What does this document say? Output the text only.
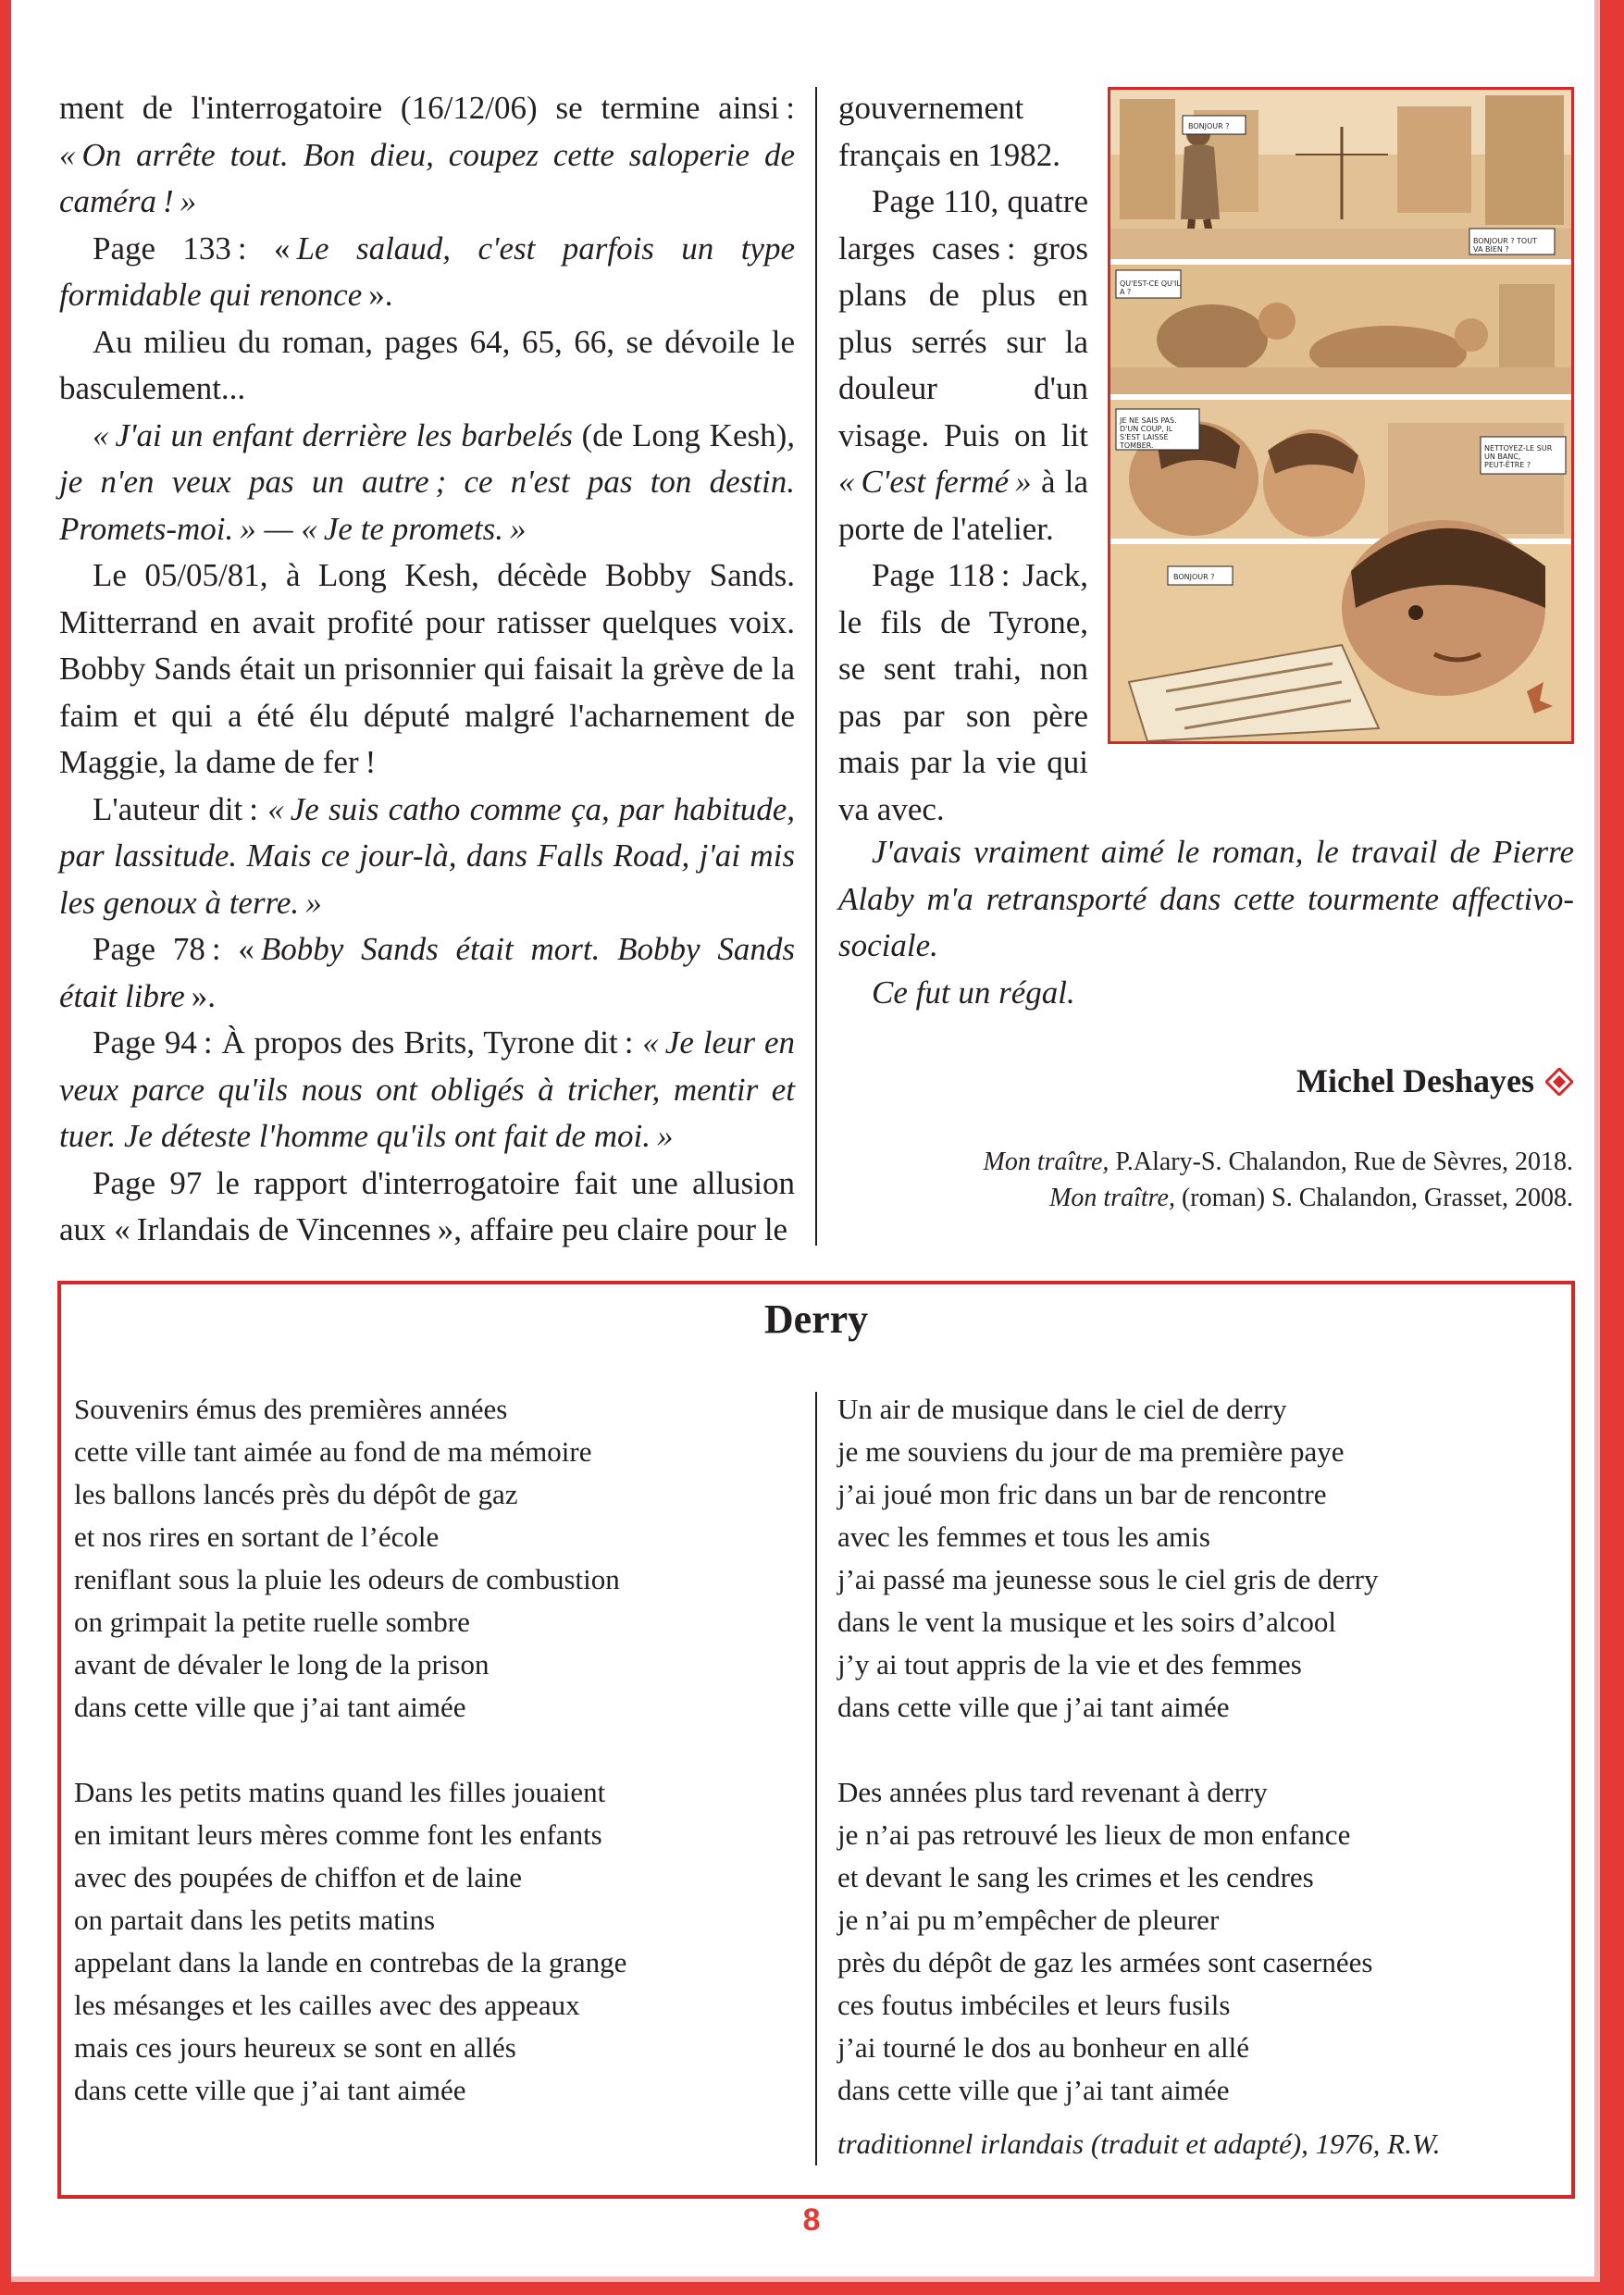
ment de l'interrogatoire (16/12/06) se termine ainsi : « On arrête tout. Bon dieu, coupez cette saloperie de caméra ! »

Page 133 : « Le salaud, c'est parfois un type formidable qui renonce ».

Au milieu du roman, pages 64, 65, 66, se dévoile le basculement...

« J'ai un enfant derrière les barbelés (de Long Kesh), je n'en veux pas un autre ; ce n'est pas ton destin. Promets-moi. » — « Je te promets. »

Le 05/05/81, à Long Kesh, décède Bobby Sands. Mitterrand en avait profité pour ratisser quelques voix. Bobby Sands était un prisonnier qui faisait la grève de la faim et qui a été élu député malgré l'acharnement de Maggie, la dame de fer !

L'auteur dit : « Je suis catho comme ça, par habitude, par lassitude. Mais ce jour-là, dans Falls Road, j'ai mis les genoux à terre. »

Page 78 : « Bobby Sands était mort. Bobby Sands était libre ».

Page 94 : À propos des Brits, Tyrone dit : « Je leur en veux parce qu'ils nous ont obligés à tricher, mentir et tuer. Je déteste l'homme qu'ils ont fait de moi. »

Page 97 le rapport d'interrogatoire fait une allusion aux « Irlandais de Vincennes », affaire peu claire pour le

gouvernement français en 1982.

Page 110, quatre larges cases : gros plans de plus en plus serrés sur la douleur d'un visage. Puis on lit « C'est fermé » à la porte de l'atelier.

Page 118 : Jack, le fils de Tyrone, se sent trahi, non pas par son père mais par la vie qui va avec.

J'avais vraiment aimé le roman, le travail de Pierre Alaby m'a retransporté dans cette tourmente affectivo-sociale.

Ce fut un régal.

BONJOUR ?
BONJOUR ? TOUT VA BIEN ?
QU'EST-CE QU'IL A ?
JE NE SAIS PAS. D'UN COUP, IL S'EST LAISSÉ TOMBER.	NETTOYEZ-LE SUR UN BANC, PEUT-ÊTRE ?
BONJOUR ?
Michel Deshayes

Mon traître, P.Alary-S. Chalandon, Rue de Sèvres, 2018.

Mon traître, (roman) S. Chalandon, Grasset, 2008.

Derry

Souvenirs émus des premières années

cette ville tant aimée au fond de ma mémoire

les ballons lancés près du dépôt de gaz

et nos rires en sortant de l’école

reniflant sous la pluie les odeurs de combustion

on grimpait la petite ruelle sombre

avant de dévaler le long de la prison

dans cette ville que j’ai tant aimée

Dans les petits matins quand les filles jouaient

en imitant leurs mères comme font les enfants

avec des poupées de chiffon et de laine

on partait dans les petits matins

appelant dans la lande en contrebas de la grange

les mésanges et les cailles avec des appeaux

mais ces jours heureux se sont en allés

dans cette ville que j’ai tant aimée

Un air de musique dans le ciel de derry

je me souviens du jour de ma première paye

j’ai joué mon fric dans un bar de rencontre

avec les femmes et tous les amis

j’ai passé ma jeunesse sous le ciel gris de derry

dans le vent la musique et les soirs d’alcool

j’y ai tout appris de la vie et des femmes

dans cette ville que j’ai tant aimée

Des années plus tard revenant à derry

je n’ai pas retrouvé les lieux de mon enfance

et devant le sang les crimes et les cendres

je n’ai pu m’empêcher de pleurer

près du dépôt de gaz les armées sont casernées

ces foutus imbéciles et leurs fusils

j’ai tourné le dos au bonheur en allé

dans cette ville que j’ai tant aimée

traditionnel irlandais (traduit et adapté), 1976, R.W.
8
